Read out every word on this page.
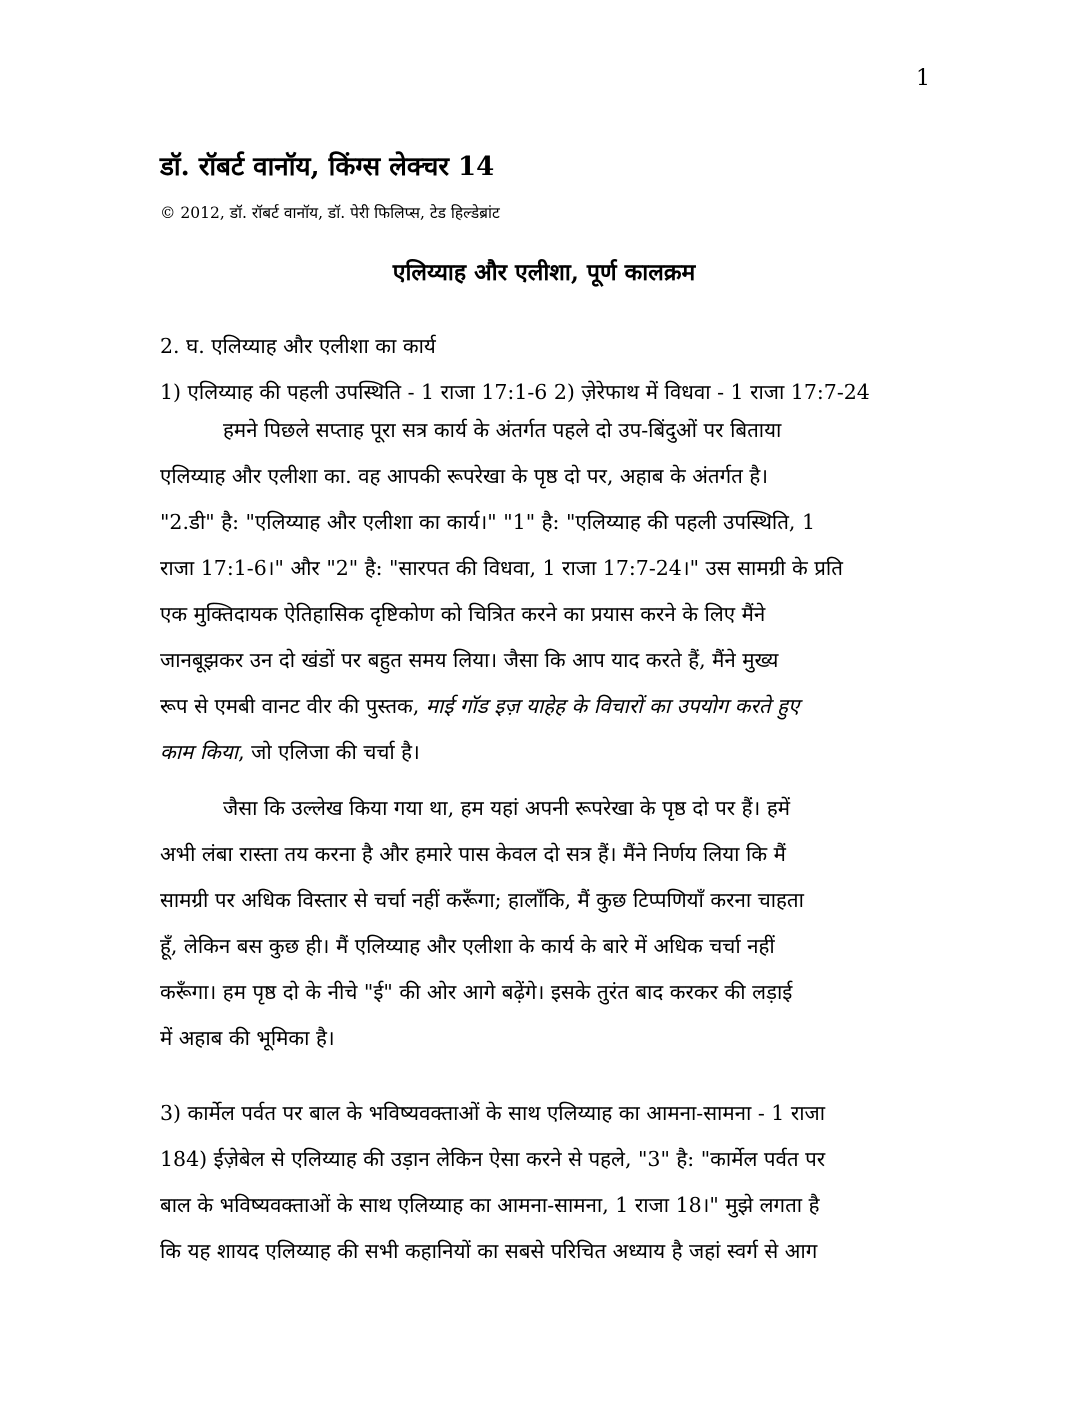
1
डॉ. रॉबर्ट वानॉय, किंग्स लेक्चर 14
© 2012, डॉ. रॉबर्ट वानॉय, डॉ. पेरी फिलिप्स, टेड हिल्डेब्रांट
एलिय्याह और एलीशा, पूर्ण कालक्रम
2. घ. एलिय्याह और एलीशा का कार्य
1) एलिय्याह की पहली उपस्थिति - 1 राजा 17:1-6 2) ज़ेरेफाथ में विधवा - 1 राजा 17:7-24
हमने पिछले सप्ताह पूरा सत्र कार्य के अंतर्गत पहले दो उप-बिंदुओं पर बिताया
एलिय्याह और एलीशा का. वह आपकी रूपरेखा के पृष्ठ दो पर, अहाब के अंतर्गत है।
"2.डी" है: "एलिय्याह और एलीशा का कार्य।" "1" है: "एलिय्याह की पहली उपस्थिति, 1
राजा 17:1-6।" और "2" है: "सारपत की विधवा, 1 राजा 17:7-24।" उस सामग्री के प्रति
एक मुक्तिदायक ऐतिहासिक दृष्टिकोण को चित्रित करने का प्रयास करने के लिए मैंने
जानबूझकर उन दो खंडों पर बहुत समय लिया। जैसा कि आप याद करते हैं, मैंने मुख्य
रूप से एमबी वानट वीर की पुस्तक, माई गॉड इज़ याहेह के विचारों का उपयोग करते हुए
काम किया, जो एलिजा की चर्चा है।
जैसा कि उल्लेख किया गया था, हम यहां अपनी रूपरेखा के पृष्ठ दो पर हैं। हमें
अभी लंबा रास्ता तय करना है और हमारे पास केवल दो सत्र हैं। मैंने निर्णय लिया कि मैं
सामग्री पर अधिक विस्तार से चर्चा नहीं करूँगा; हालाँकि, मैं कुछ टिप्पणियाँ करना चाहता
हूँ, लेकिन बस कुछ ही। मैं एलिय्याह और एलीशा के कार्य के बारे में अधिक चर्चा नहीं
करूँगा। हम पृष्ठ दो के नीचे "ई" की ओर आगे बढ़ेंगे। इसके तुरंत बाद करकर की लड़ाई
में अहाब की भूमिका है।
3) कार्मेल पर्वत पर बाल के भविष्यवक्ताओं के साथ एलिय्याह का आमना-सामना - 1 राजा
184) ईज़ेबेल से एलिय्याह की उड़ान लेकिन ऐसा करने से पहले, "3" है: "कार्मेल पर्वत पर
बाल के भविष्यवक्ताओं के साथ एलिय्याह का आमना-सामना, 1 राजा 18।" मुझे लगता है
कि यह शायद एलिय्याह की सभी कहानियों का सबसे परिचित अध्याय है जहां स्वर्ग से आग
